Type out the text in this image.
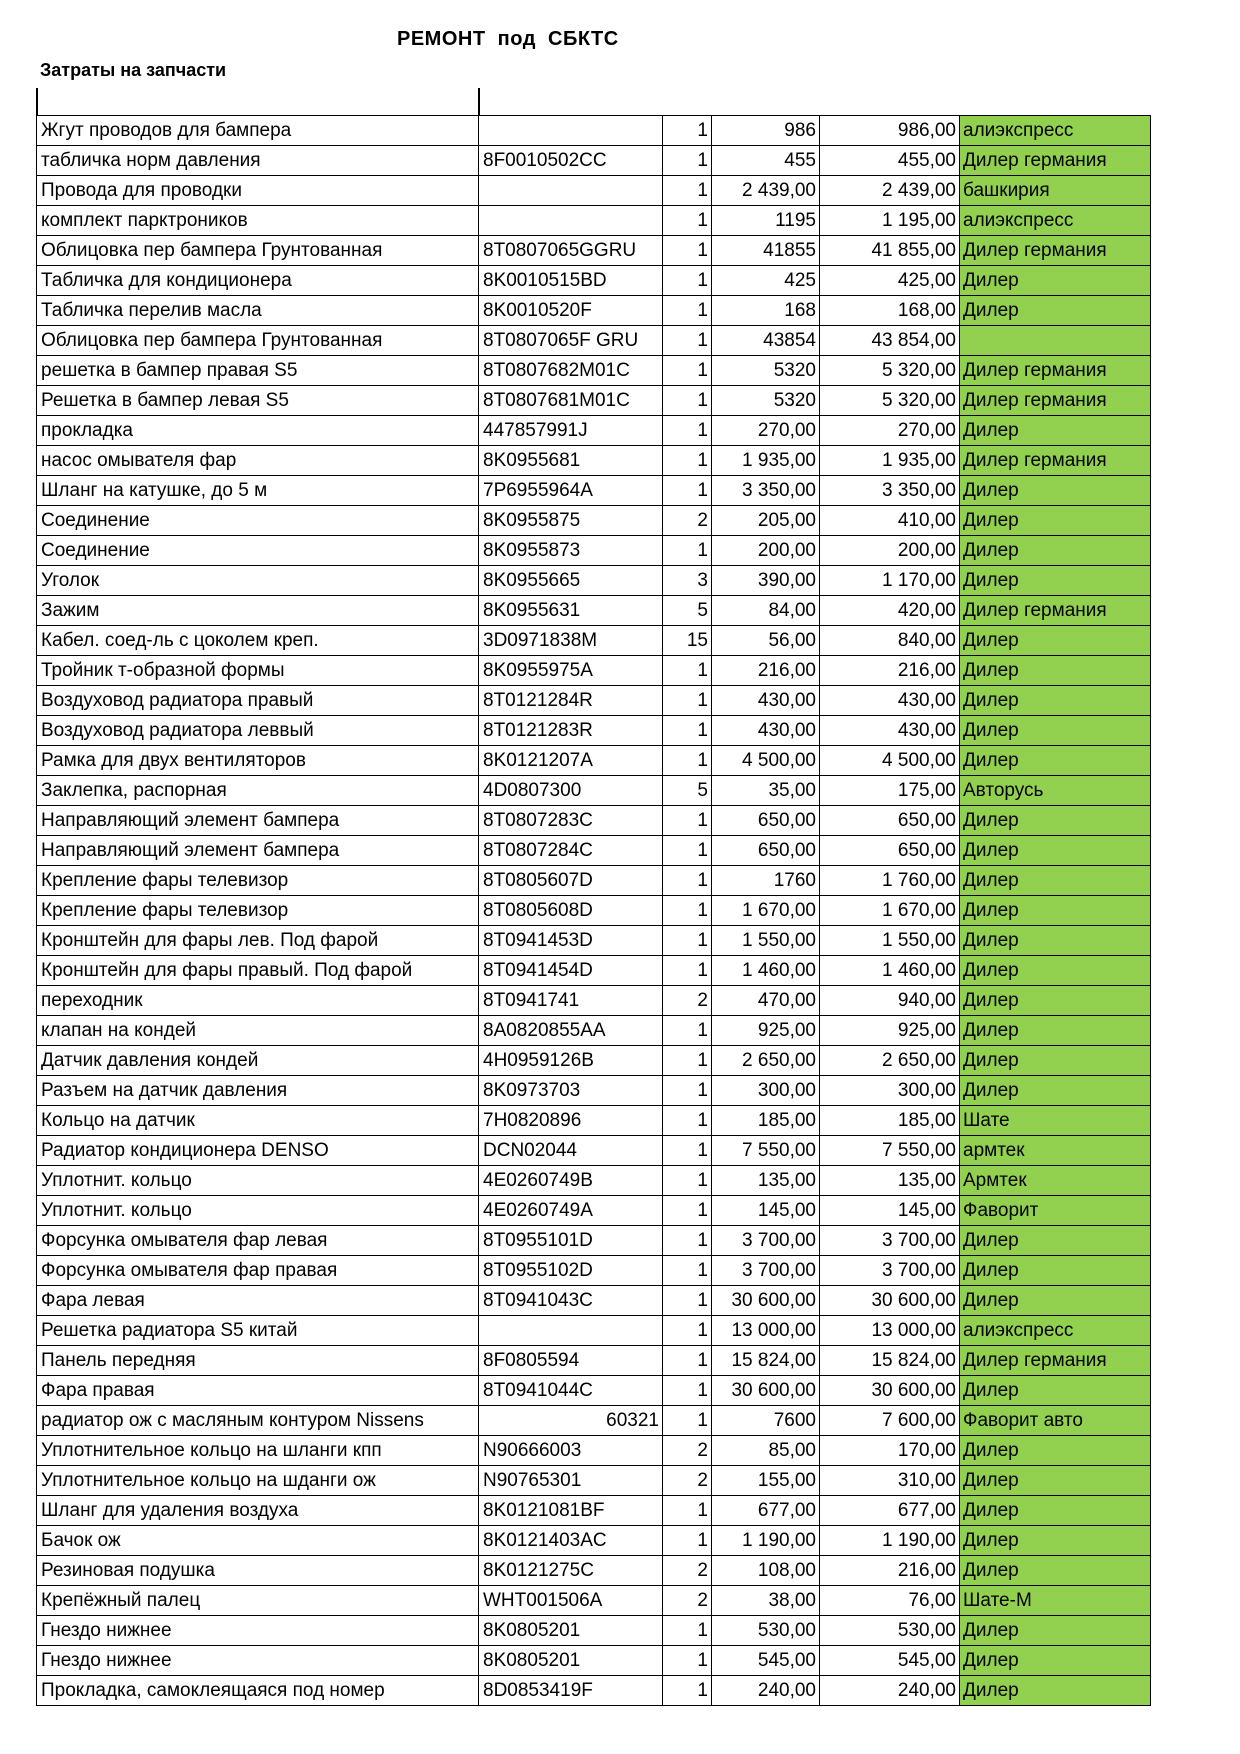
РЕМОНТ  под  СБКТС
Затраты на запчасти
Жгут проводов для бампера		1	986	986,00	алиэкспресс
табличка норм давления	8F0010502CC	1	455	455,00	Дилер германия
Провода для проводки		1	2 439,00	2 439,00	башкирия
комплект парктроников		1	1195	1 195,00	алиэкспресс
Облицовка пер бампера Грунтованная	8T0807065GGRU	1	41855	41 855,00	Дилер германия
Табличка для кондиционера	8K0010515BD	1	425	425,00	Дилер
Табличка перелив масла	8K0010520F	1	168	168,00	Дилер
Облицовка пер бампера Грунтованная	8T0807065F GRU	1	43854	43 854,00	
решетка в бампер правая S5	8T0807682M01C	1	5320	5 320,00	Дилер германия
Решетка в бампер левая S5	8T0807681M01C	1	5320	5 320,00	Дилер германия
прокладка	447857991J	1	270,00	270,00	Дилер
насос омывателя фар	8K0955681	1	1 935,00	1 935,00	Дилер германия
Шланг на катушке, до 5 м	7P6955964A	1	3 350,00	3 350,00	Дилер
Соединение	8K0955875	2	205,00	410,00	Дилер
Соединение	8K0955873	1	200,00	200,00	Дилер
Уголок	8K0955665	3	390,00	1 170,00	Дилер
Зажим	8K0955631	5	84,00	420,00	Дилер германия
Кабел. соед-ль с цоколем креп.	3D0971838M	15	56,00	840,00	Дилер
Тройник т-образной формы	8K0955975A	1	216,00	216,00	Дилер
Воздуховод радиатора правый	8T0121284R	1	430,00	430,00	Дилер
Воздуховод радиатора леввый	8T0121283R	1	430,00	430,00	Дилер
Рамка для двух вентиляторов	8K0121207A	1	4 500,00	4 500,00	Дилер
Заклепка, распорная	4D0807300	5	35,00	175,00	Авторусь
Направляющий элемент бампера	8T0807283C	1	650,00	650,00	Дилер
Направляющий элемент бампера	8T0807284C	1	650,00	650,00	Дилер
Крепление фары телевизор	8T0805607D	1	1760	1 760,00	Дилер
Крепление фары телевизор	8T0805608D	1	1 670,00	1 670,00	Дилер
Кронштейн для фары лев. Под фарой	8T0941453D	1	1 550,00	1 550,00	Дилер
Кронштейн для фары правый. Под фарой	8T0941454D	1	1 460,00	1 460,00	Дилер
переходник	8T0941741	2	470,00	940,00	Дилер
клапан на кондей	8A0820855AA	1	925,00	925,00	Дилер
Датчик давления кондей	4H0959126B	1	2 650,00	2 650,00	Дилер
Разъем на датчик давления	8K0973703	1	300,00	300,00	Дилер
Кольцо на датчик	7H0820896	1	185,00	185,00	Шате
Радиатор кондиционера DENSO	DCN02044	1	7 550,00	7 550,00	армтек
Уплотнит. кольцо	4E0260749B	1	135,00	135,00	Армтек
Уплотнит. кольцо	4E0260749A	1	145,00	145,00	Фаворит
Форсунка омывателя фар левая	8T0955101D	1	3 700,00	3 700,00	Дилер
Форсунка омывателя фар правая	8T0955102D	1	3 700,00	3 700,00	Дилер
Фара левая	8T0941043C	1	30 600,00	30 600,00	Дилер
Решетка радиатора S5 китай		1	13 000,00	13 000,00	алиэкспресс
Панель передняя	8F0805594	1	15 824,00	15 824,00	Дилер германия
Фара правая	8T0941044C	1	30 600,00	30 600,00	Дилер
радиатор ож с масляным контуром Nissens	60321	1	7600	7 600,00	Фаворит авто
Уплотнительное кольцо на шланги кпп	N90666003	2	85,00	170,00	Дилер
Уплотнительное кольцо на шданги ож	N90765301	2	155,00	310,00	Дилер
Шланг для удаления воздуха	8K0121081BF	1	677,00	677,00	Дилер
Бачок ож	8K0121403AC	1	1 190,00	1 190,00	Дилер
Резиновая подушка	8K0121275C	2	108,00	216,00	Дилер
Крепёжный палец	WHT001506A	2	38,00	76,00	Шате-М
Гнездо нижнее	8K0805201	1	530,00	530,00	Дилер
Гнездо нижнее	8K0805201	1	545,00	545,00	Дилер
Прокладка, самоклеящаяся под номер	8D0853419F	1	240,00	240,00	Дилер
